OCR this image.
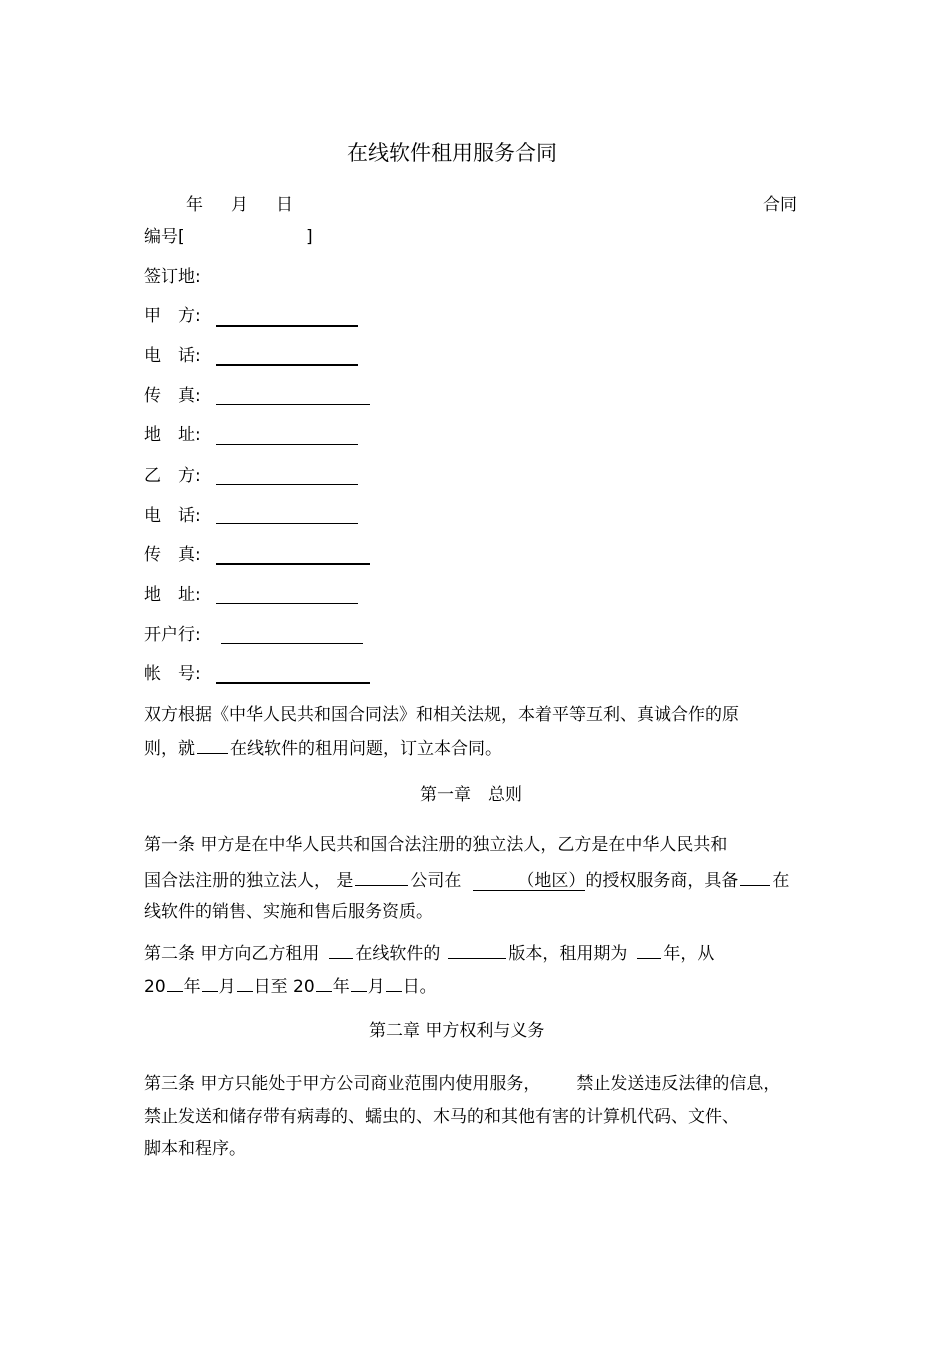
在线软件租用服务合同
年 月 日	合同
编号[	]
签订地:
甲　方:
电　话:
传　真:
地　址:
乙　方:
电　话:
传　真:
地　址:
开户行:
帐　号:
双方根据《中华人民共和国合同法》和相关法规，本着平等互利、真诚合作的原
则，就 在线软件的租用问题，订立本合同。
第一章　总则
第一条 甲方是在中华人民共和国合法注册的独立法人，乙方是在中华人民共和
国合法注册的独立法人， 是	公司在	（地区）的授权服务商，具备 在
线软件的销售、实施和售后服务资质。
第二条 甲方向乙方租用 在线软件的	版本，租用期为 年，从
20 年 月 日至 20 年 月 日。
第二章 甲方权利与义务
第三条 甲方只能处于甲方公司商业范围内使用服务， 禁止发送违反法律的信息，
禁止发送和储存带有病毒的、蠕虫的、木马的和其他有害的计算机代码、文件、
脚本和程序。
